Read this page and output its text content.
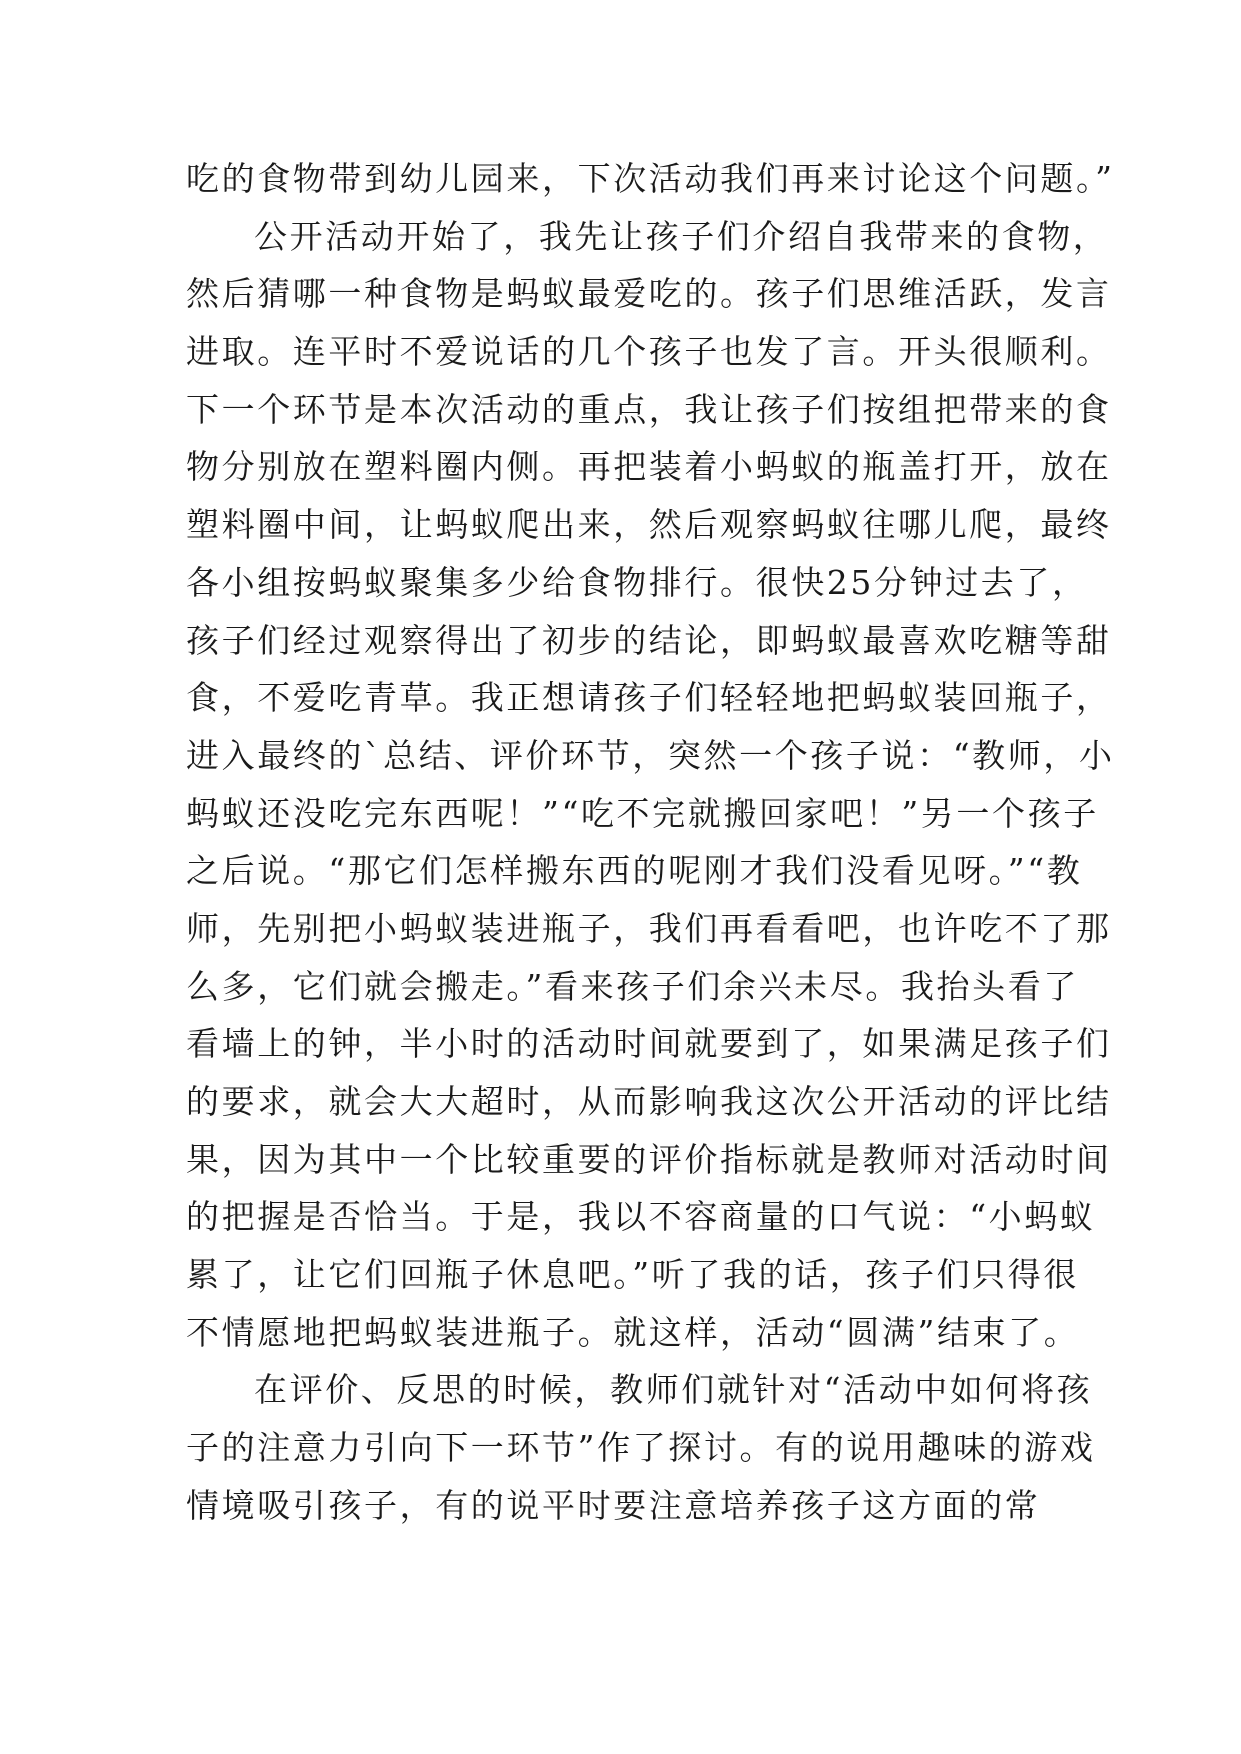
吃的食物带到幼儿园来，下次活动我们再来讨论这个问题。”
公开活动开始了，我先让孩子们介绍自我带来的食物，
然后猜哪一种食物是蚂蚁最爱吃的。孩子们思维活跃，发言
进取。连平时不爱说话的几个孩子也发了言。开头很顺利。
下一个环节是本次活动的重点，我让孩子们按组把带来的食
物分别放在塑料圈内侧。再把装着小蚂蚁的瓶盖打开，放在
塑料圈中间，让蚂蚁爬出来，然后观察蚂蚁往哪儿爬，最终
各小组按蚂蚁聚集多少给食物排行。很快25分钟过去了，
孩子们经过观察得出了初步的结论，即蚂蚁最喜欢吃糖等甜
食，不爱吃青草。我正想请孩子们轻轻地把蚂蚁装回瓶子，
进入最终的`总结、评价环节，突然一个孩子说：“教师，小
蚂蚁还没吃完东西呢！”“吃不完就搬回家吧！”另一个孩子
之后说。“那它们怎样搬东西的呢刚才我们没看见呀。”“教
师，先别把小蚂蚁装进瓶子，我们再看看吧，也许吃不了那
么多，它们就会搬走。”看来孩子们余兴未尽。我抬头看了
看墙上的钟，半小时的活动时间就要到了，如果满足孩子们
的要求，就会大大超时，从而影响我这次公开活动的评比结
果，因为其中一个比较重要的评价指标就是教师对活动时间
的把握是否恰当。于是，我以不容商量的口气说：“小蚂蚁
累了，让它们回瓶子休息吧。”听了我的话，孩子们只得很
不情愿地把蚂蚁装进瓶子。就这样，活动“圆满”结束了。
在评价、反思的时候，教师们就针对“活动中如何将孩
子的注意力引向下一环节”作了探讨。有的说用趣味的游戏
情境吸引孩子，有的说平时要注意培养孩子这方面的常
